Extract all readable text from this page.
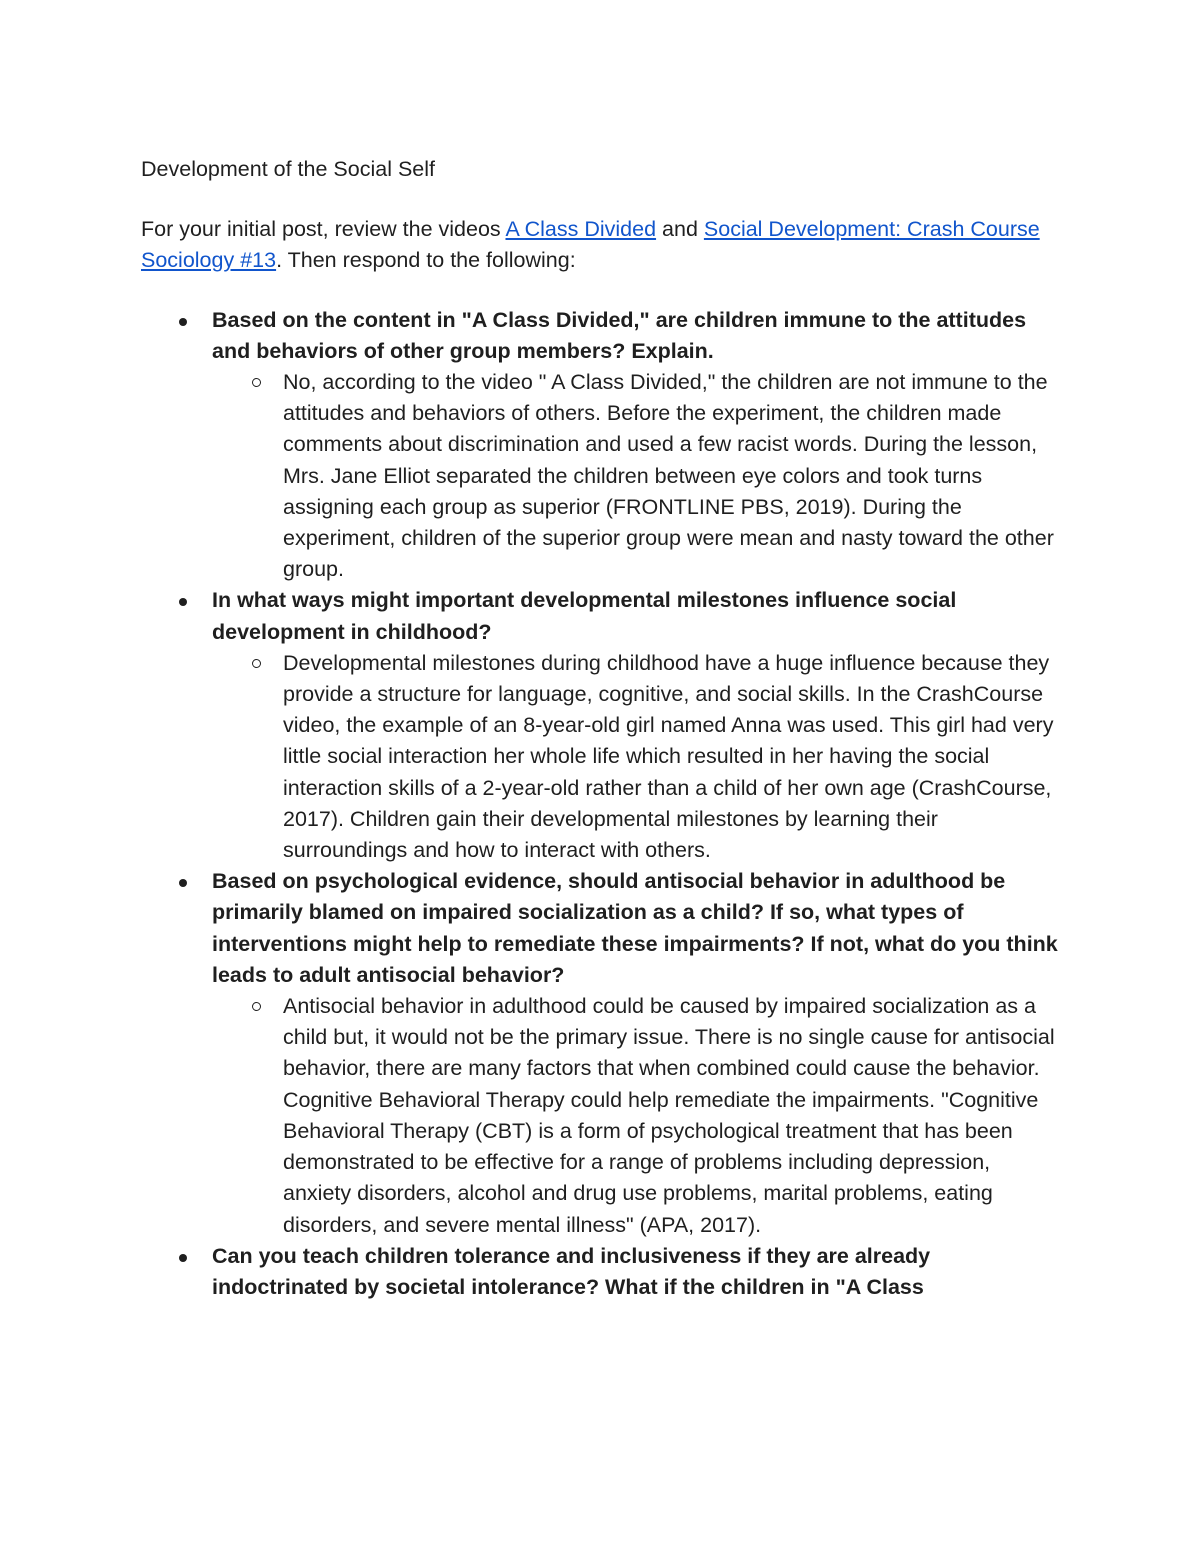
Development of the Social Self

For your initial post, review the videos A Class Divided and Social Development: Crash Course Sociology #13. Then respond to the following:

Based on the content in "A Class Divided," are children immune to the attitudes and behaviors of other group members? Explain.
No, according to the video " A Class Divided," the children are not immune to the attitudes and behaviors of others. Before the experiment, the children made comments about discrimination and used a few racist words. During the lesson, Mrs. Jane Elliot separated the children between eye colors and took turns assigning each group as superior (FRONTLINE PBS, 2019). During the experiment, children of the superior group were mean and nasty toward the other group.
In what ways might important developmental milestones influence social development in childhood?
Developmental milestones during childhood have a huge influence because they provide a structure for language, cognitive, and social skills. In the CrashCourse video, the example of an 8-year-old girl named Anna was used. This girl had very little social interaction her whole life which resulted in her having the social interaction skills of a 2-year-old rather than a child of her own age (CrashCourse, 2017). Children gain their developmental milestones by learning their surroundings and how to interact with others.
Based on psychological evidence, should antisocial behavior in adulthood be primarily blamed on impaired socialization as a child? If so, what types of interventions might help to remediate these impairments? If not, what do you think leads to adult antisocial behavior?
Antisocial behavior in adulthood could be caused by impaired socialization as a child but, it would not be the primary issue. There is no single cause for antisocial behavior, there are many factors that when combined could cause the behavior. Cognitive Behavioral Therapy could help remediate the impairments. "Cognitive Behavioral Therapy (CBT) is a form of psychological treatment that has been demonstrated to be effective for a range of problems including depression, anxiety disorders, alcohol and drug use problems, marital problems, eating disorders, and severe mental illness" (APA, 2017).
Can you teach children tolerance and inclusiveness if they are already indoctrinated by societal intolerance? What if the children in "A Class
